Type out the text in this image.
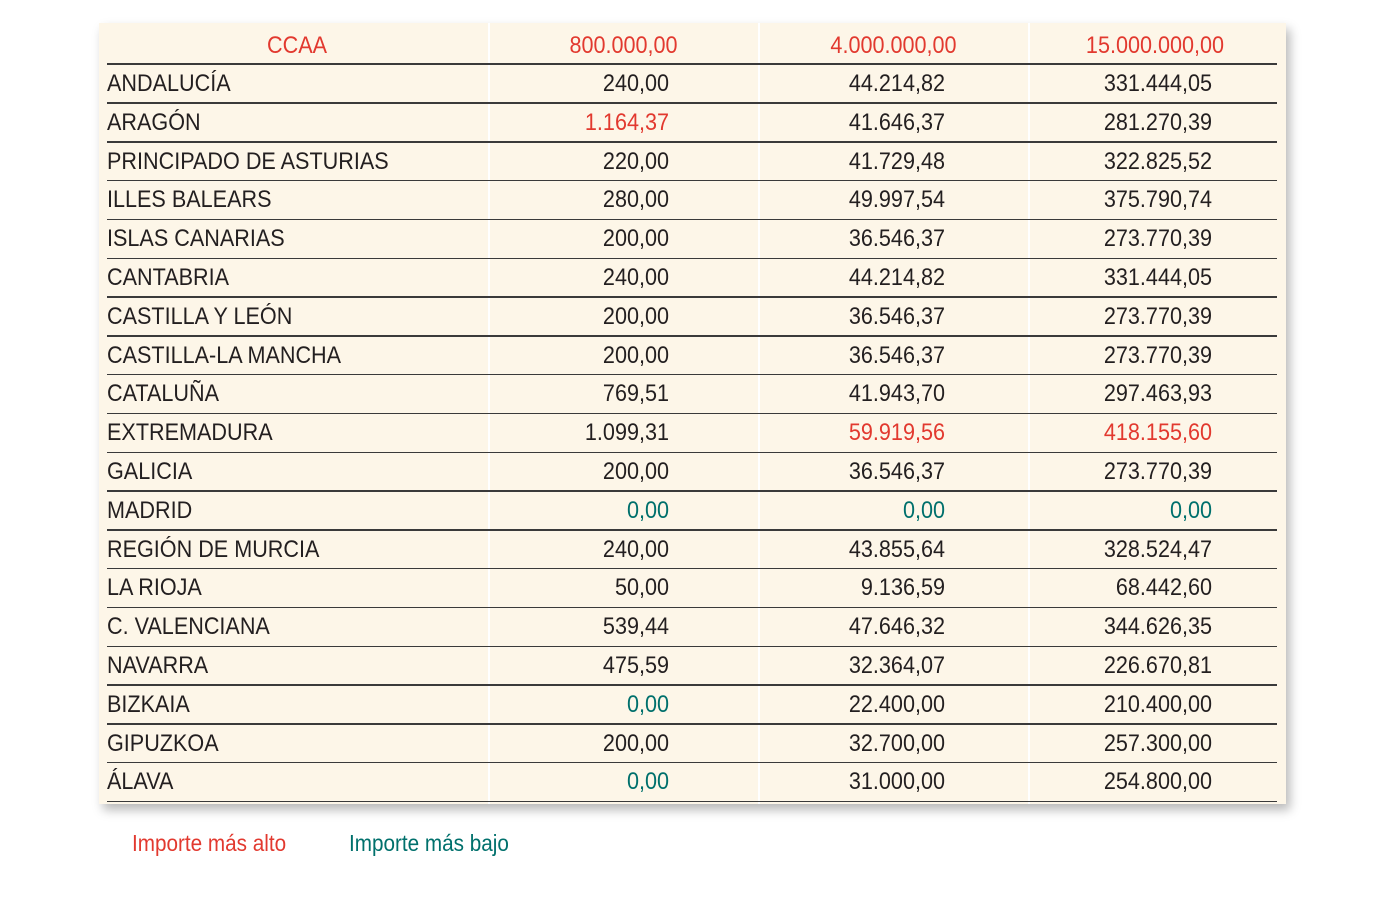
CCAA	800.000,00	4.000.000,00	15.000.000,00
ANDALUCÍA	240,00	44.214,82	331.444,05
ARAGÓN	1.164,37	41.646,37	281.270,39
PRINCIPADO DE ASTURIAS	220,00	41.729,48	322.825,52
ILLES BALEARS	280,00	49.997,54	375.790,74
ISLAS CANARIAS	200,00	36.546,37	273.770,39
CANTABRIA	240,00	44.214,82	331.444,05
CASTILLA Y LEÓN	200,00	36.546,37	273.770,39
CASTILLA-LA MANCHA	200,00	36.546,37	273.770,39
CATALUÑA	769,51	41.943,70	297.463,93
EXTREMADURA	1.099,31	59.919,56	418.155,60
GALICIA	200,00	36.546,37	273.770,39
MADRID	0,00	0,00	0,00
REGIÓN DE MURCIA	240,00	43.855,64	328.524,47
LA RIOJA	50,00	9.136,59	68.442,60
C. VALENCIANA	539,44	47.646,32	344.626,35
NAVARRA	475,59	32.364,07	226.670,81
BIZKAIA	0,00	22.400,00	210.400,00
GIPUZKOA	200,00	32.700,00	257.300,00
ÁLAVA	0,00	31.000,00	254.800,00
Importe más alto	Importe más bajo
